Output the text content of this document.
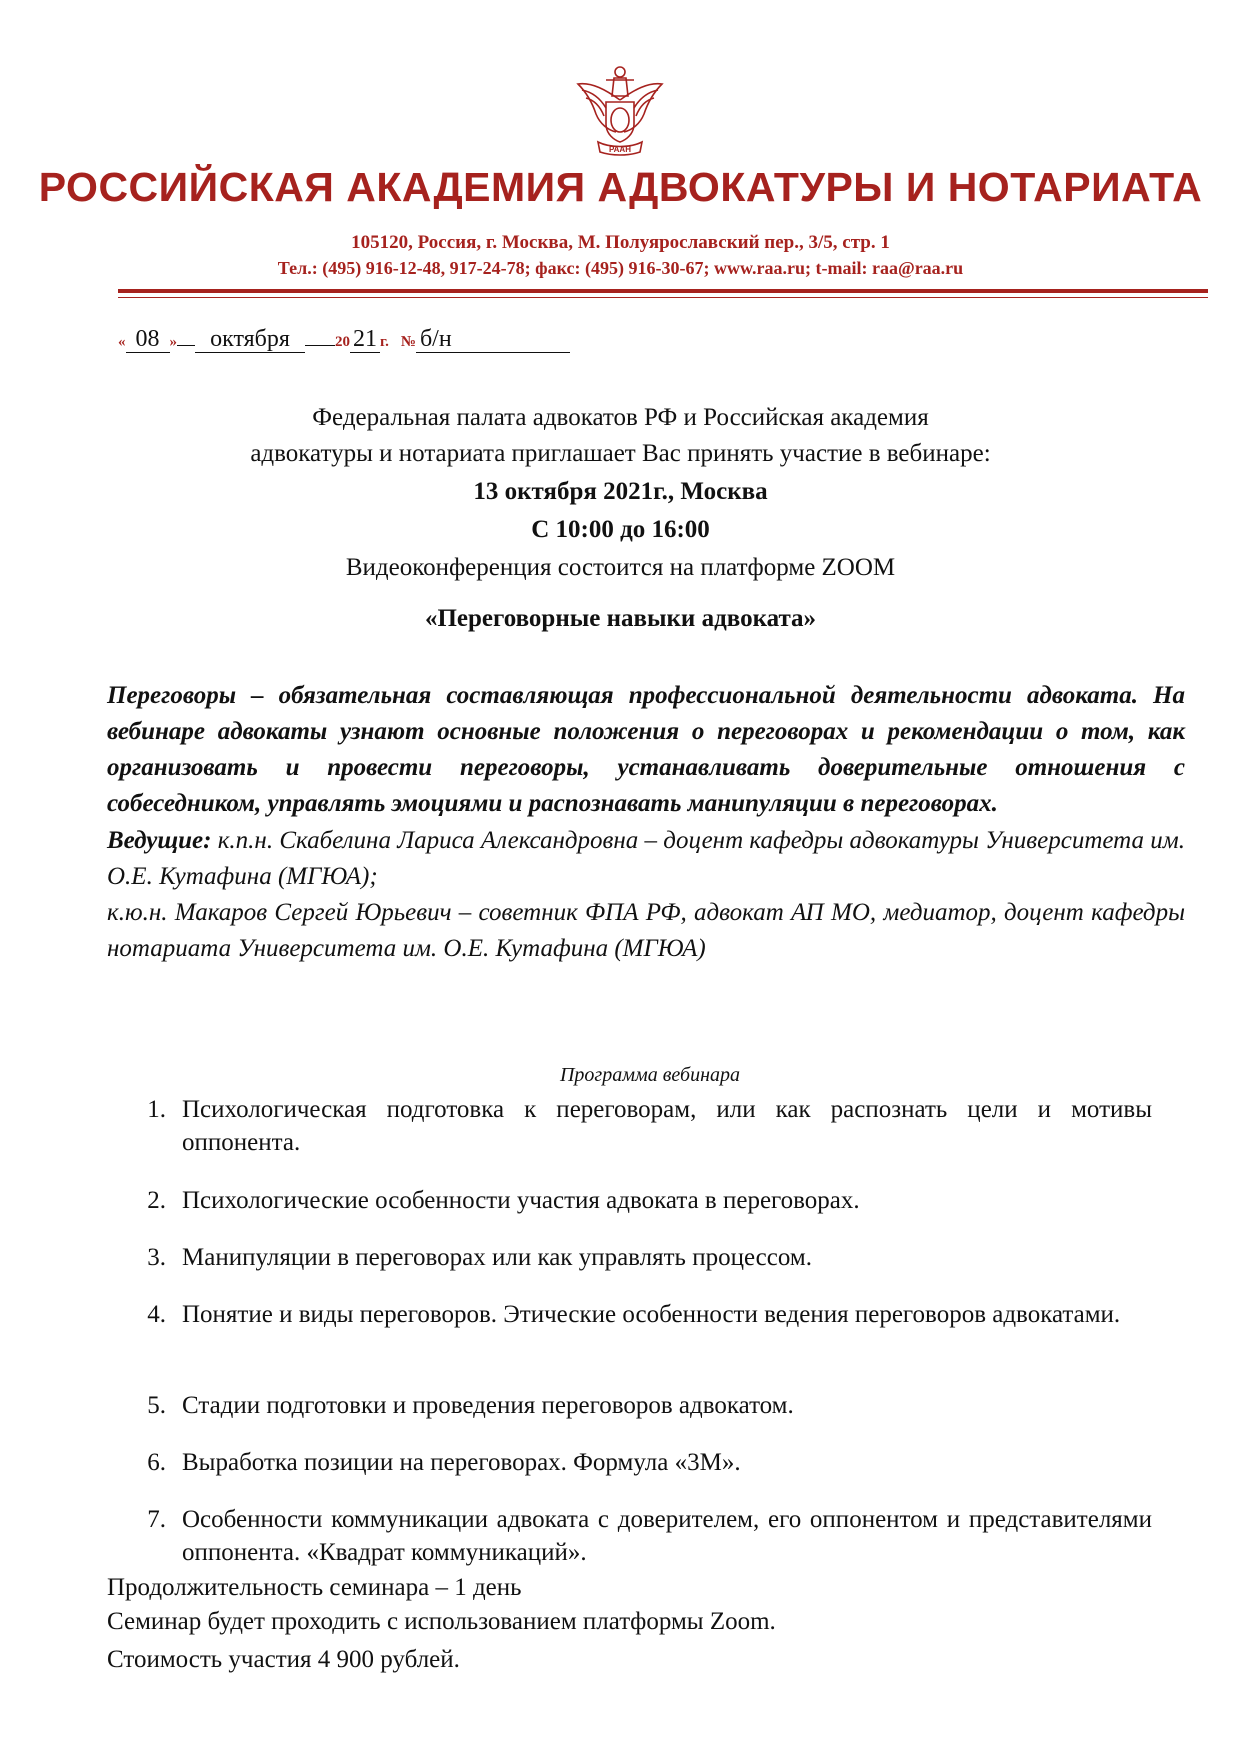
РААН
РОССИЙСКАЯ АКАДЕМИЯ АДВОКАТУРЫ И НОТАРИАТА
105120, Россия, г. Москва, М. Полуярославский пер., 3/5, стр. 1
Тел.: (495) 916-12-48, 917-24-78; факс: (495) 916-30-67; www.raa.ru; t-mail: raa@raa.ru
« 08 » октября	20 21 г. № б/н
Федеральная палата адвокатов РФ и Российская академия
адвокатуры и нотариата приглашает Вас принять участие в вебинаре:
13 октября 2021г., Москва
С 10:00 до 16:00
Видеоконференция состоится на платформе ZOOM
«Переговорные навыки адвоката»

Переговоры – обязательная составляющая профессиональной деятельности адвоката. На вебинаре адвокаты узнают основные положения о переговорах и рекомендации о том, как организовать и провести переговоры, устанавливать доверительные отношения с собеседником, управлять эмоциями и распознавать манипуляции в переговорах.

Ведущие: к.п.н. Скабелина Лариса Александровна – доцент кафедры адвокатуры Университета им. О.Е. Кутафина (МГЮА);

к.ю.н. Макаров Сергей Юрьевич – советник ФПА РФ, адвокат АП МО, медиатор, доцент кафедры нотариата Университета им. О.Е. Кутафина (МГЮА)

Программа вебинара
1. Психологическая подготовка к переговорам, или как распознать цели и мотивы оппонента.
2. Психологические особенности участия адвоката в переговорах.
3. Манипуляции в переговорах или как управлять процессом.
4. Понятие и виды переговоров. Этические особенности ведения переговоров адвокатами.
5. Стадии подготовки и проведения переговоров адвокатом.
6. Выработка позиции на переговорах. Формула «3М».
7. Особенности коммуникации адвоката с доверителем, его оппонентом и представителями оппонента. «Квадрат коммуникаций».
Продолжительность семинара – 1 день
Семинар будет проходить с использованием платформы Zoom.
Стоимость участия 4 900 рублей.
